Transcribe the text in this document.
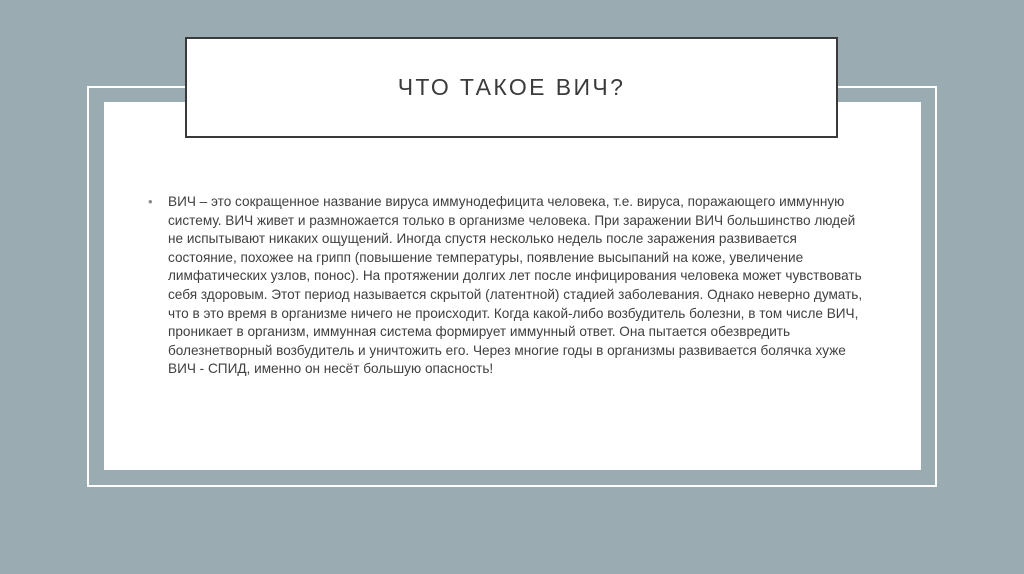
ЧТО ТАКОЕ ВИЧ?
• ВИЧ – это сокращенное название вируса иммунодефицита человека, т.е. вируса, поражающего иммунную систему. ВИЧ живет и размножается только в организме человека. При заражении ВИЧ большинство людей не испытывают никаких ощущений. Иногда спустя несколько недель после заражения развивается состояние, похожее на грипп (повышение температуры, появление высыпаний на коже, увеличение лимфатических узлов, понос). На протяжении долгих лет после инфицирования человека может чувствовать себя здоровым. Этот период называется скрытой (латентной) стадией заболевания. Однако неверно думать, что в это время в организме ничего не происходит. Когда какой-либо возбудитель болезни, в том числе ВИЧ, проникает в организм, иммунная система формирует иммунный ответ. Она пытается обезвредить болезнетворный возбудитель и уничтожить его. Через многие годы в организмы развивается болячка хуже ВИЧ - СПИД, именно он несёт большую опасность!
